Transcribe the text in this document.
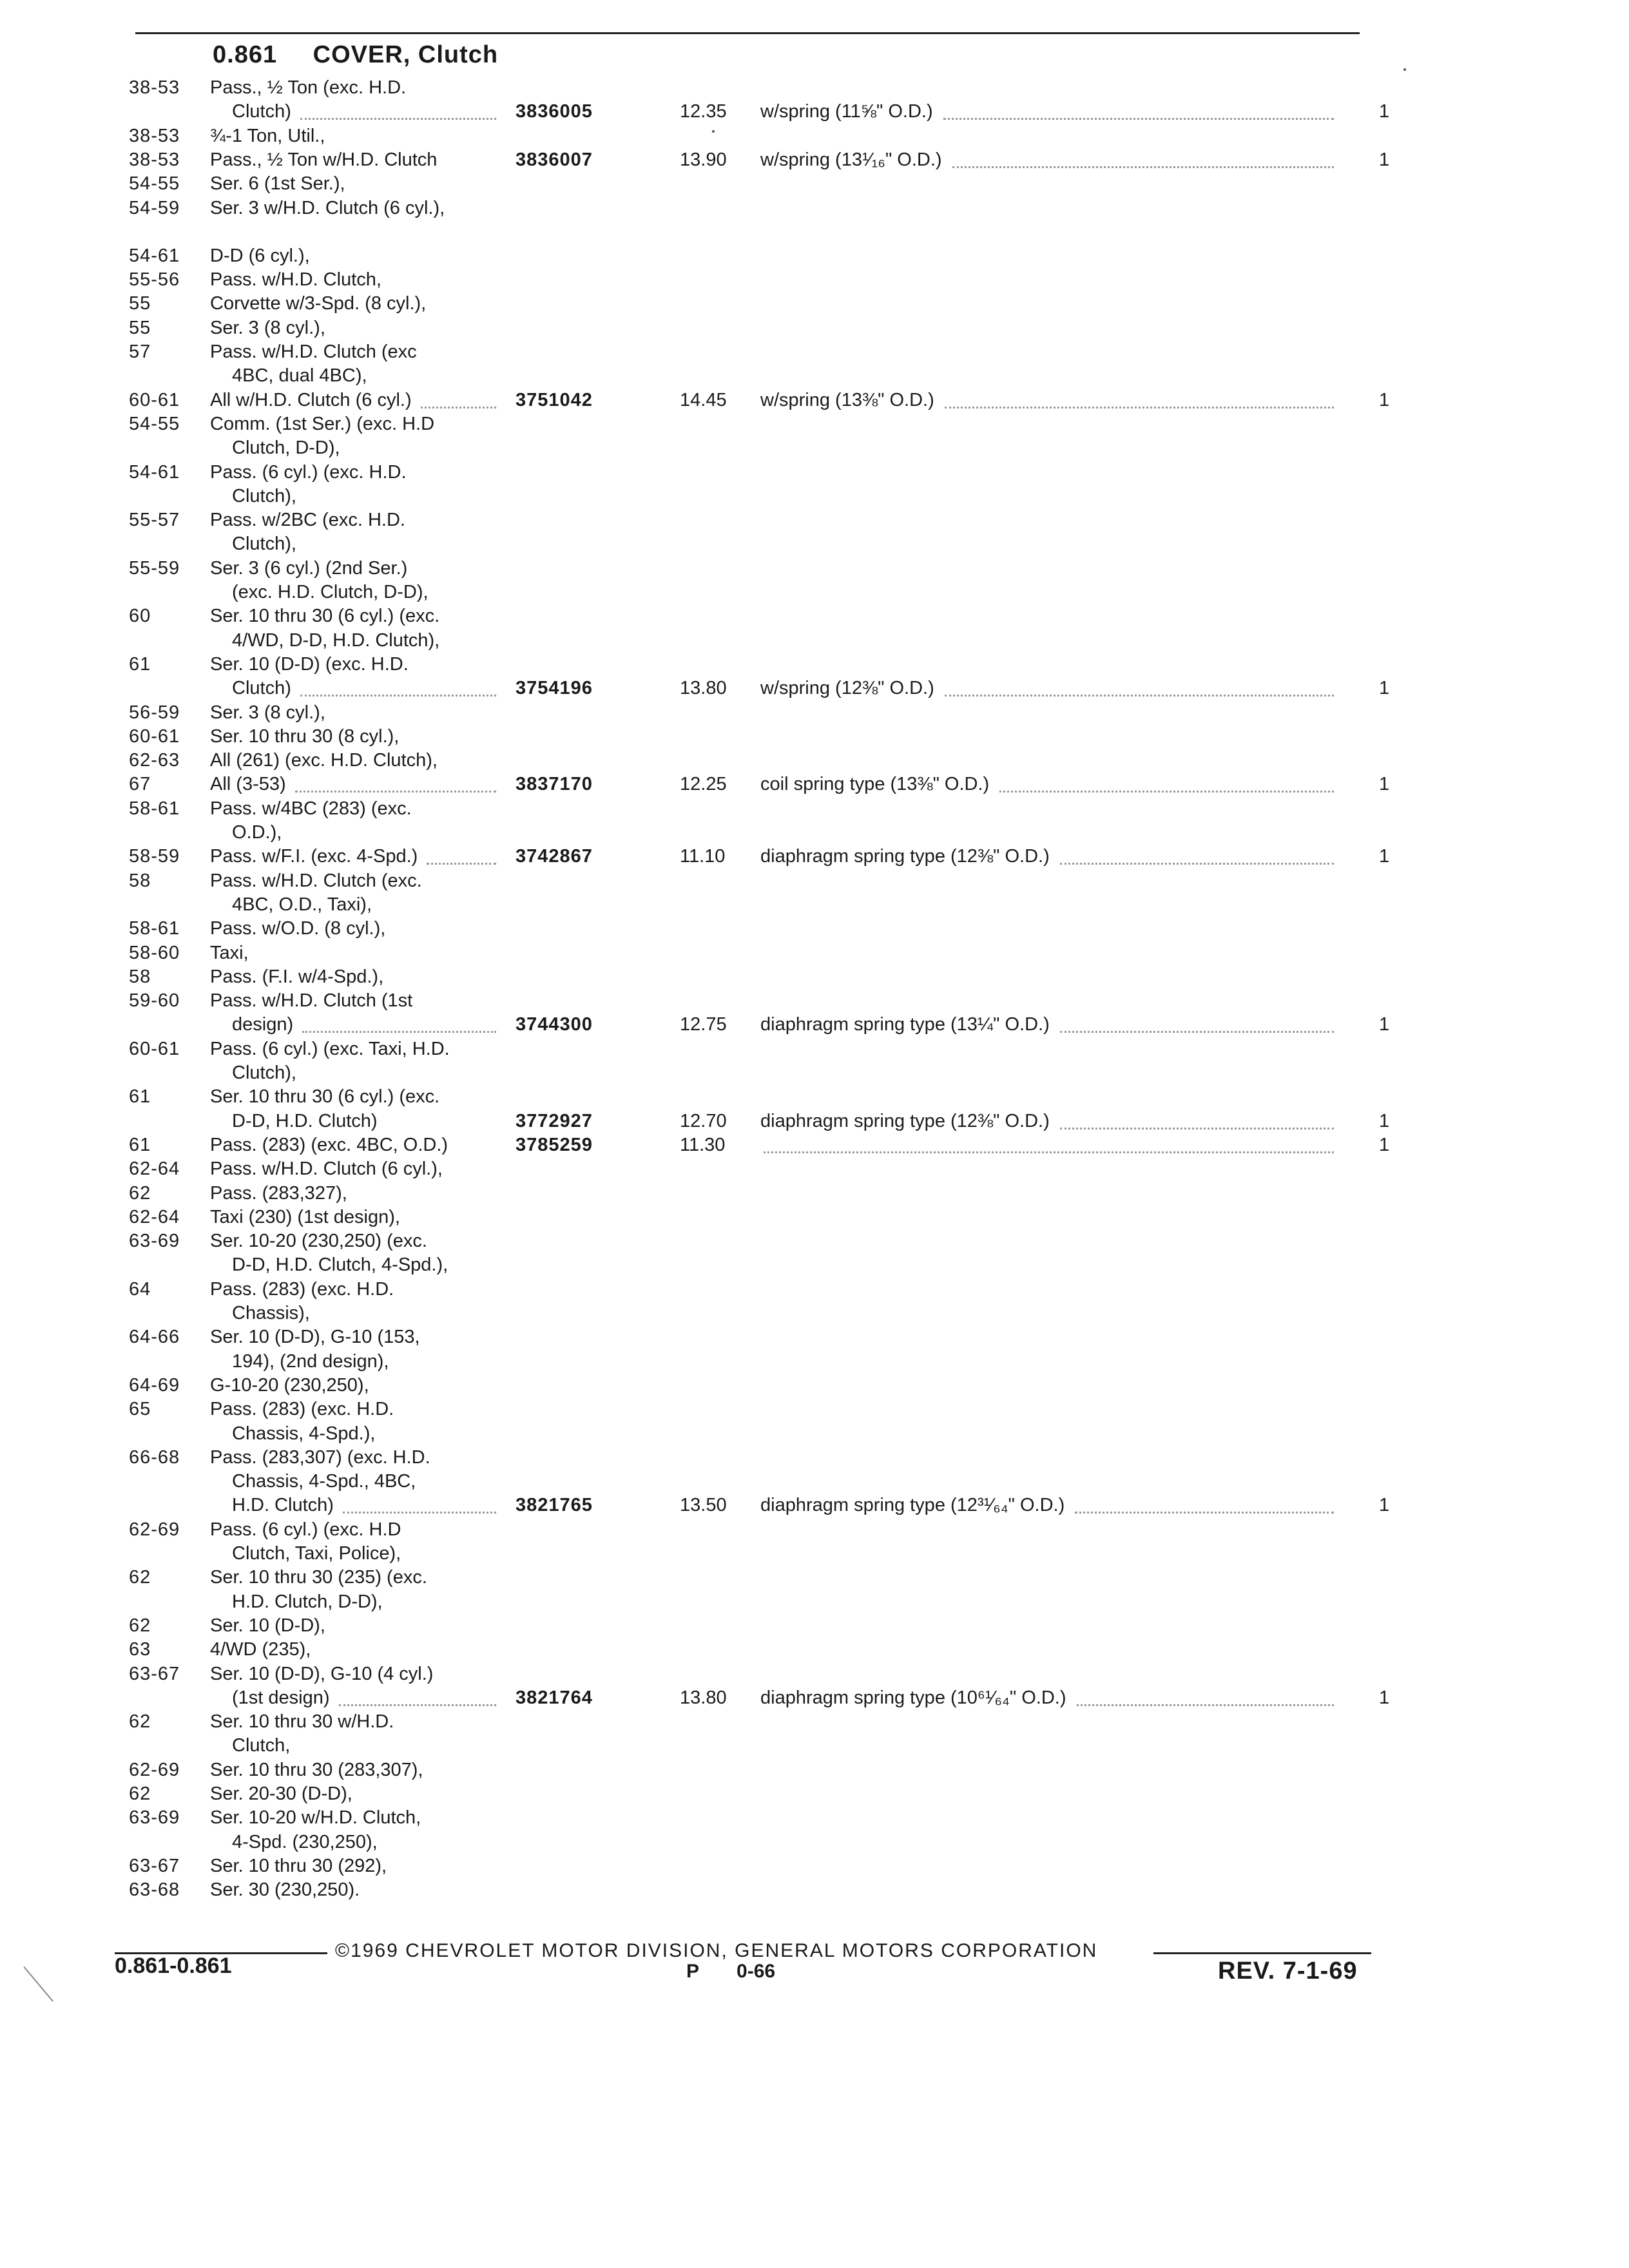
0.861 COVER, Clutch
38-53	Pass., ½ Ton (exc. H.D.
Clutch)	3836005	12.35 w/spring (11⅝" O.D.)	1
38-53	¾-1 Ton, Util.,
38-53	Pass., ½ Ton w/H.D. Clutch	3836007	13.90 w/spring (13¹⁄₁₆" O.D.)	1
54-55	Ser. 6 (1st Ser.),
54-59	Ser. 3 w/H.D. Clutch (6 cyl.),
54-61	D-D (6 cyl.),
55-56	Pass. w/H.D. Clutch,
55	Corvette w/3-Spd. (8 cyl.),
55	Ser. 3 (8 cyl.),
57	Pass. w/H.D. Clutch (exc
4BC, dual 4BC),
60-61	All w/H.D. Clutch (6 cyl.)	3751042	14.45 w/spring (13⅜" O.D.)	1
54-55	Comm. (1st Ser.) (exc. H.D
Clutch, D-D),
54-61	Pass. (6 cyl.) (exc. H.D.
Clutch),
55-57	Pass. w/2BC (exc. H.D.
Clutch),
55-59	Ser. 3 (6 cyl.) (2nd Ser.)
(exc. H.D. Clutch, D-D),
60	Ser. 10 thru 30 (6 cyl.) (exc.
4/WD, D-D, H.D. Clutch),
61	Ser. 10 (D-D) (exc. H.D.
Clutch)	3754196	13.80 w/spring (12⅜" O.D.)	1
56-59	Ser. 3 (8 cyl.),
60-61	Ser. 10 thru 30 (8 cyl.),
62-63	All (261) (exc. H.D. Clutch),
67	All (3-53)	3837170	12.25 coil spring type (13⅜" O.D.)	1
58-61	Pass. w/4BC (283) (exc.
O.D.),
58-59	Pass. w/F.I. (exc. 4-Spd.)	3742867	11.10 diaphragm spring type (12⅜" O.D.)	1
58	Pass. w/H.D. Clutch (exc.
4BC, O.D., Taxi),
58-61	Pass. w/O.D. (8 cyl.),
58-60	Taxi,
58	Pass. (F.I. w/4-Spd.),
59-60	Pass. w/H.D. Clutch (1st
design)	3744300	12.75 diaphragm spring type (13¼" O.D.)	1
60-61	Pass. (6 cyl.) (exc. Taxi, H.D.
Clutch),
61	Ser. 10 thru 30 (6 cyl.) (exc.
D-D, H.D. Clutch)	3772927	12.70 diaphragm spring type (12⅜" O.D.)	1
61	Pass. (283) (exc. 4BC, O.D.)	3785259	11.30	1
62-64	Pass. w/H.D. Clutch (6 cyl.),
62	Pass. (283,327),
62-64	Taxi (230) (1st design),
63-69	Ser. 10-20 (230,250) (exc.
D-D, H.D. Clutch, 4-Spd.),
64	Pass. (283) (exc. H.D.
Chassis),
64-66	Ser. 10 (D-D), G-10 (153,
194), (2nd design),
64-69	G-10-20 (230,250),
65	Pass. (283) (exc. H.D.
Chassis, 4-Spd.),
66-68	Pass. (283,307) (exc. H.D.
Chassis, 4-Spd., 4BC,
H.D. Clutch)	3821765	13.50 diaphragm spring type (12³¹⁄₆₄" O.D.)	1
62-69	Pass. (6 cyl.) (exc. H.D
Clutch, Taxi, Police),
62	Ser. 10 thru 30 (235) (exc.
H.D. Clutch, D-D),
62	Ser. 10 (D-D),
63	4/WD (235),
63-67	Ser. 10 (D-D), G-10 (4 cyl.)
(1st design)	3821764	13.80 diaphragm spring type (10⁶¹⁄₆₄" O.D.)	1
62	Ser. 10 thru 30 w/H.D.
Clutch,
62-69	Ser. 10 thru 30 (283,307),
62	Ser. 20-30 (D-D),
63-69	Ser. 10-20 w/H.D. Clutch,
4-Spd. (230,250),
63-67	Ser. 10 thru 30 (292),
63-68	Ser. 30 (230,250).
©1969 CHEVROLET MOTOR DIVISION, GENERAL MOTORS CORPORATION
0.861-0.861	P 0-66	REV. 7-1-69
